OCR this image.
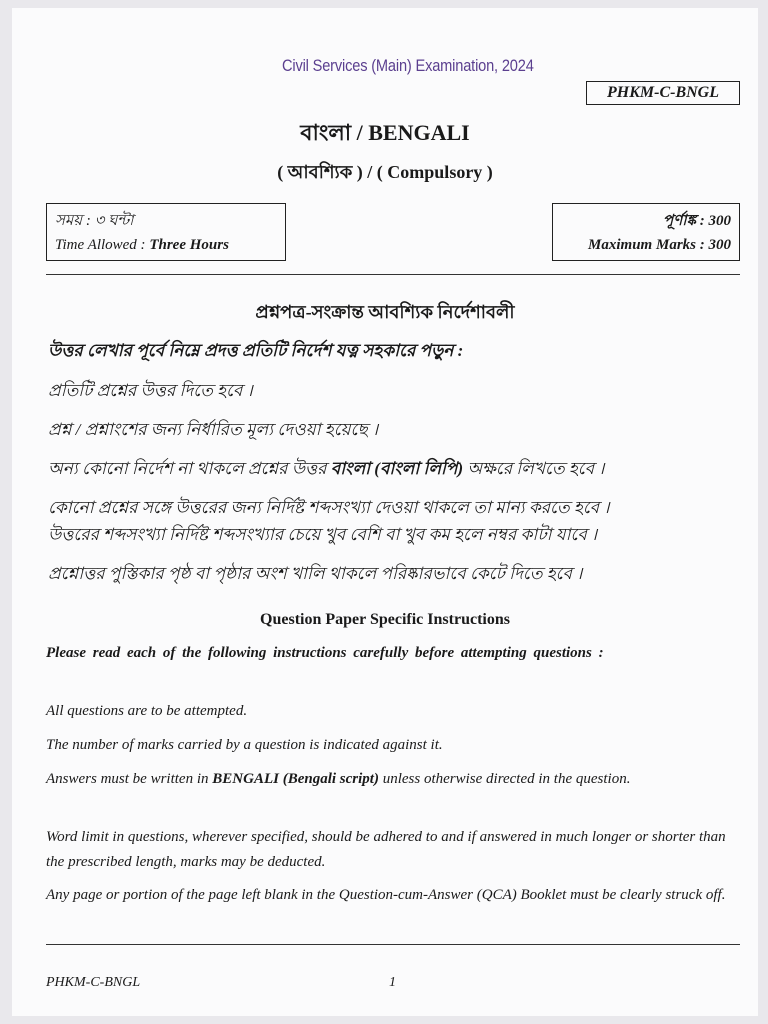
Civil Services (Main) Examination, 2024
PHKM-C-BNGL
বাংলা / BENGALI
( আবশ্যিক ) / ( Compulsory )
সময় : ৩ ঘন্টা
Time Allowed : Three Hours
পূর্ণাঙ্ক : 300
Maximum Marks : 300
প্রশ্নপত্র-সংক্রান্ত আবশ্যিক নির্দেশাবলী
উত্তর লেখার পূর্বে নিম্নে প্রদত্ত প্রতিটি নির্দেশ যত্ন সহকারে পড়ুন :
প্রতিটি প্রশ্নের উত্তর দিতে হবে ।
প্রশ্ন / প্রশ্নাংশের জন্য নির্ধারিত মূল্য দেওয়া হয়েছে ।
অন্য কোনো নির্দেশ না থাকলে প্রশ্নের উত্তর বাংলা (বাংলা লিপি) অক্ষরে লিখতে হবে ।
কোনো প্রশ্নের সঙ্গে উত্তরের জন্য নির্দিষ্ট শব্দসংখ্যা দেওয়া থাকলে তা মান্য করতে হবে ।
উত্তরের শব্দসংখ্যা নির্দিষ্ট শব্দসংখ্যার চেয়ে খুব বেশি বা খুব কম হলে নম্বর কাটা যাবে ।
প্রশ্নোত্তর পুস্তিকার পৃষ্ঠ বা পৃষ্ঠার অংশ খালি থাকলে পরিষ্কারভাবে কেটে দিতে হবে ।
Question Paper Specific Instructions
Please read each of the following instructions carefully before attempting questions :
All questions are to be attempted.
The number of marks carried by a question is indicated against it.
Answers must be written in BENGALI (Bengali script) unless otherwise directed in the question.
Word limit in questions, wherever specified, should be adhered to and if answered in much longer or shorter than the prescribed length, marks may be deducted.
Any page or portion of the page left blank in the Question-cum-Answer (QCA) Booklet must be clearly struck off.
PHKM-C-BNGL	1
